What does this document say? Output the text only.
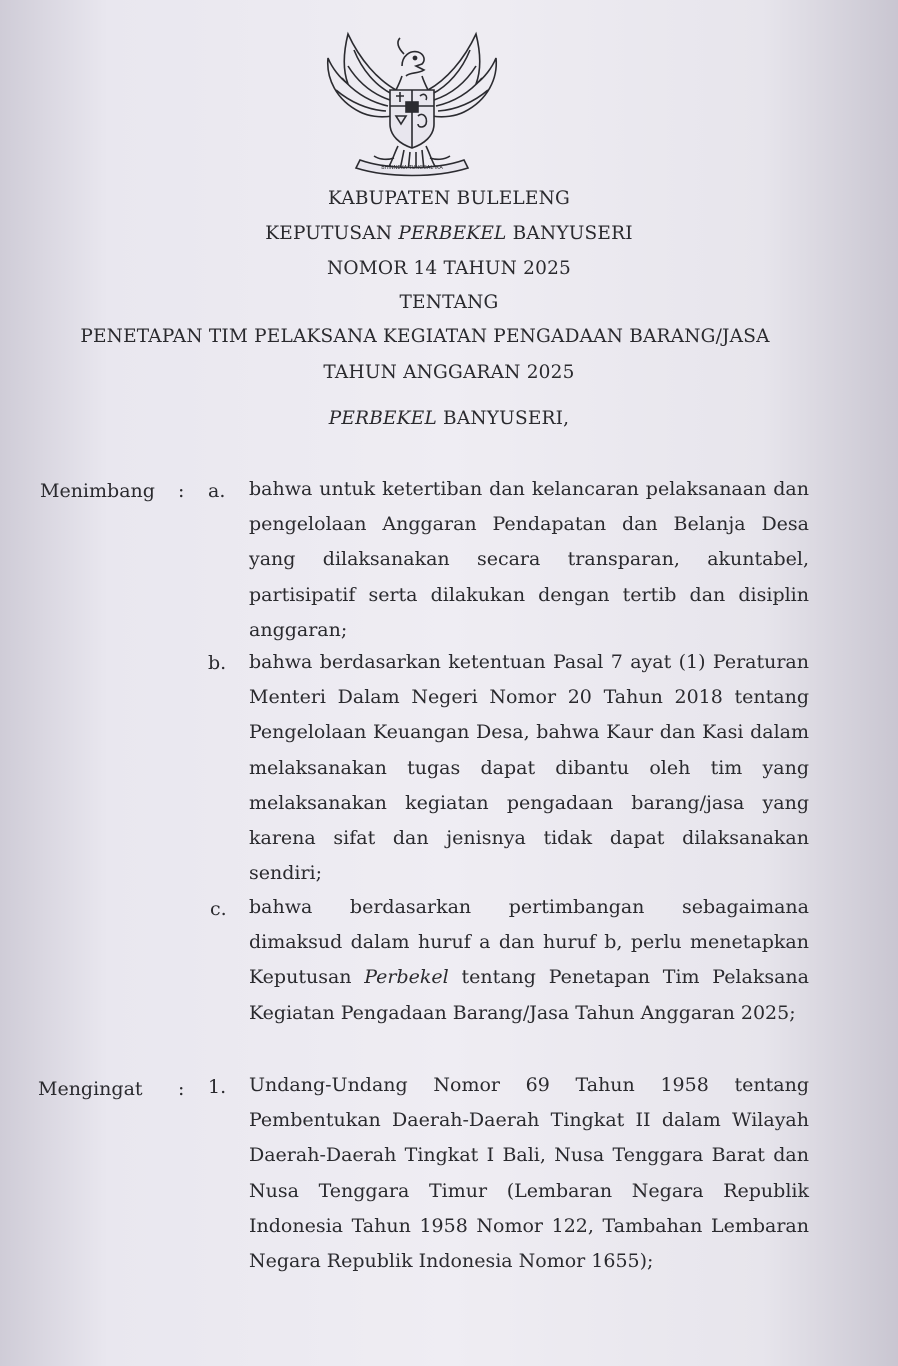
BHINNEKA TUNGGAL IKA
KABUPATEN BULELENG
KEPUTUSAN PERBEKEL BANYUSERI
NOMOR 14 TAHUN 2025
TENTANG
PENETAPAN TIM PELAKSANA KEGIATAN PENGADAAN BARANG/JASA
TAHUN ANGGARAN 2025
PERBEKEL BANYUSERI,
Menimbang : a. bahwa untuk ketertiban dan kelancaran pelaksanaan dan pengelolaan Anggaran Pendapatan dan Belanja Desa yang dilaksanakan secara transparan, akuntabel, partisipatif serta dilakukan dengan tertib dan disiplin anggaran;
b. bahwa berdasarkan ketentuan Pasal 7 ayat (1) Peraturan Menteri Dalam Negeri Nomor 20 Tahun 2018 tentang Pengelolaan Keuangan Desa, bahwa Kaur dan Kasi dalam melaksanakan tugas dapat dibantu oleh tim yang melaksanakan kegiatan pengadaan barang/jasa yang karena sifat dan jenisnya tidak dapat dilaksanakan sendiri;
c. bahwa berdasarkan pertimbangan sebagaimana dimaksud dalam huruf a dan huruf b, perlu menetapkan Keputusan Perbekel tentang Penetapan Tim Pelaksana Kegiatan Pengadaan Barang/Jasa Tahun Anggaran 2025;
Mengingat : 1. Undang-Undang Nomor 69 Tahun 1958 tentang Pembentukan Daerah-Daerah Tingkat II dalam Wilayah Daerah-Daerah Tingkat I Bali, Nusa Tenggara Barat dan Nusa Tenggara Timur (Lembaran Negara Republik Indonesia Tahun 1958 Nomor 122, Tambahan Lembaran Negara Republik Indonesia Nomor 1655);
